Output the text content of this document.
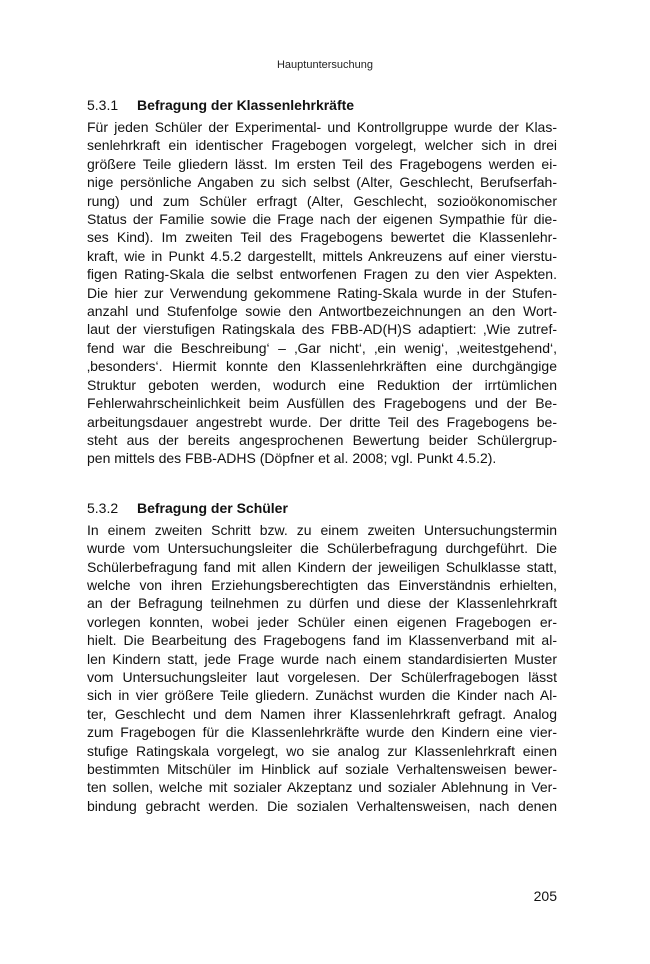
Hauptuntersuchung
5.3.1	Befragung der Klassenlehrkräfte

Für jeden Schüler der Experimental- und Kontrollgruppe wurde der Klas-
senlehrkraft ein identischer Fragebogen vorgelegt, welcher sich in drei
größere Teile gliedern lässt. Im ersten Teil des Fragebogens werden ei-
nige persönliche Angaben zu sich selbst (Alter, Geschlecht, Berufserfah-
rung) und zum Schüler erfragt (Alter, Geschlecht, sozioökonomischer
Status der Familie sowie die Frage nach der eigenen Sympathie für die-
ses Kind). Im zweiten Teil des Fragebogens bewertet die Klassenlehr-
kraft, wie in Punkt 4.5.2 dargestellt, mittels Ankreuzens auf einer vierstu-
figen Rating-Skala die selbst entworfenen Fragen zu den vier Aspekten.
Die hier zur Verwendung gekommene Rating-Skala wurde in der Stufen-
anzahl und Stufenfolge sowie den Antwortbezeichnungen an den Wort-
laut der vierstufigen Ratingskala des FBB-AD(H)S adaptiert: ‚Wie zutref-
fend war die Beschreibung‘ – ‚Gar nicht‘, ‚ein wenig‘, ‚weitestgehend‘,
‚besonders‘. Hiermit konnte den Klassenlehrkräften eine durchgängige
Struktur geboten werden, wodurch eine Reduktion der irrtümlichen
Fehlerwahrscheinlichkeit beim Ausfüllen des Fragebogens und der Be-
arbeitungsdauer angestrebt wurde. Der dritte Teil des Fragebogens be-
steht aus der bereits angesprochenen Bewertung beider Schülergrup-
pen mittels des FBB-ADHS (Döpfner et al. 2008; vgl. Punkt 4.5.2).

5.3.2	Befragung der Schüler

In einem zweiten Schritt bzw. zu einem zweiten Untersuchungstermin
wurde vom Untersuchungsleiter die Schülerbefragung durchgeführt. Die
Schülerbefragung fand mit allen Kindern der jeweiligen Schulklasse statt,
welche von ihren Erziehungsberechtigten das Einverständnis erhielten,
an der Befragung teilnehmen zu dürfen und diese der Klassenlehrkraft
vorlegen konnten, wobei jeder Schüler einen eigenen Fragebogen er-
hielt. Die Bearbeitung des Fragebogens fand im Klassenverband mit al-
len Kindern statt, jede Frage wurde nach einem standardisierten Muster
vom Untersuchungsleiter laut vorgelesen. Der Schülerfragebogen lässt
sich in vier größere Teile gliedern. Zunächst wurden die Kinder nach Al-
ter, Geschlecht und dem Namen ihrer Klassenlehrkraft gefragt. Analog
zum Fragebogen für die Klassenlehrkräfte wurde den Kindern eine vier-
stufige Ratingskala vorgelegt, wo sie analog zur Klassenlehrkraft einen
bestimmten Mitschüler im Hinblick auf soziale Verhaltensweisen bewer-
ten sollen, welche mit sozialer Akzeptanz und sozialer Ablehnung in Ver-
bindung gebracht werden. Die sozialen Verhaltensweisen, nach denen

205
